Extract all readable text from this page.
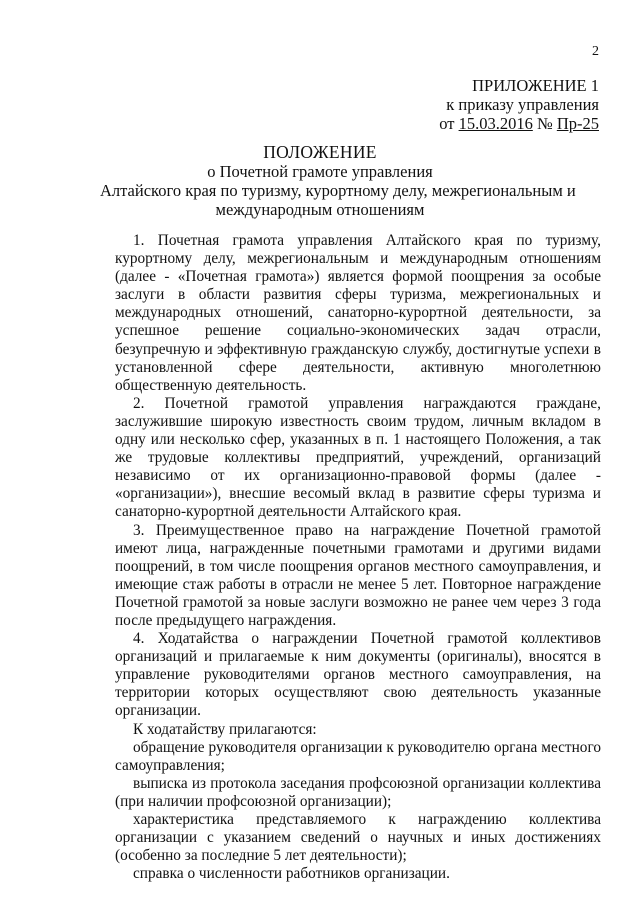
2
ПРИЛОЖЕНИЕ 1
к приказу управления
от 15.03.2016 № Пр-25
ПОЛОЖЕНИЕ
о Почетной грамоте управления
Алтайского края по туризму, курортному делу, межрегиональным и
международным отношениям

1. Почетная грамота управления Алтайского края по туризму, курортному делу, межрегиональным и международным отношениям (далее - «Почетная грамота») является формой поощрения за особые заслуги в области развития сферы туризма, межрегиональных и международных отношений, санаторно-курортной деятельности, за успешное решение социально-экономических задач отрасли, безупречную и эффективную гражданскую службу, достигнутые успехи в установленной сфере деятельности, активную многолетнюю общественную деятельность.

2. Почетной грамотой управления награждаются граждане, заслужившие широкую известность своим трудом, личным вкладом в одну или несколько сфер, указанных в п. 1 настоящего Положения, а так же трудовые коллективы предприятий, учреждений, организаций независимо от их организационно-правовой формы (далее - «организации»), внесшие весомый вклад в развитие сферы туризма и санаторно-курортной деятельности Алтайского края.

3. Преимущественное право на награждение Почетной грамотой имеют лица, награжденные почетными грамотами и другими видами поощрений, в том числе поощрения органов местного самоуправления, и имеющие стаж работы в отрасли не менее 5 лет. Повторное награждение Почетной грамотой за новые заслуги возможно не ранее чем через 3 года после предыдущего награждения.

4. Ходатайства о награждении Почетной грамотой коллективов организаций и прилагаемые к ним документы (оригиналы), вносятся в управление руководителями органов местного самоуправления, на территории которых осуществляют свою деятельность указанные организации.

К ходатайству прилагаются:

обращение руководителя организации к руководителю органа местного самоуправления;

выписка из протокола заседания профсоюзной организации коллектива (при наличии профсоюзной организации);

характеристика представляемого к награждению коллектива организации с указанием сведений о научных и иных достижениях (особенно за последние 5 лет деятельности);

справка о численности работников организации.
